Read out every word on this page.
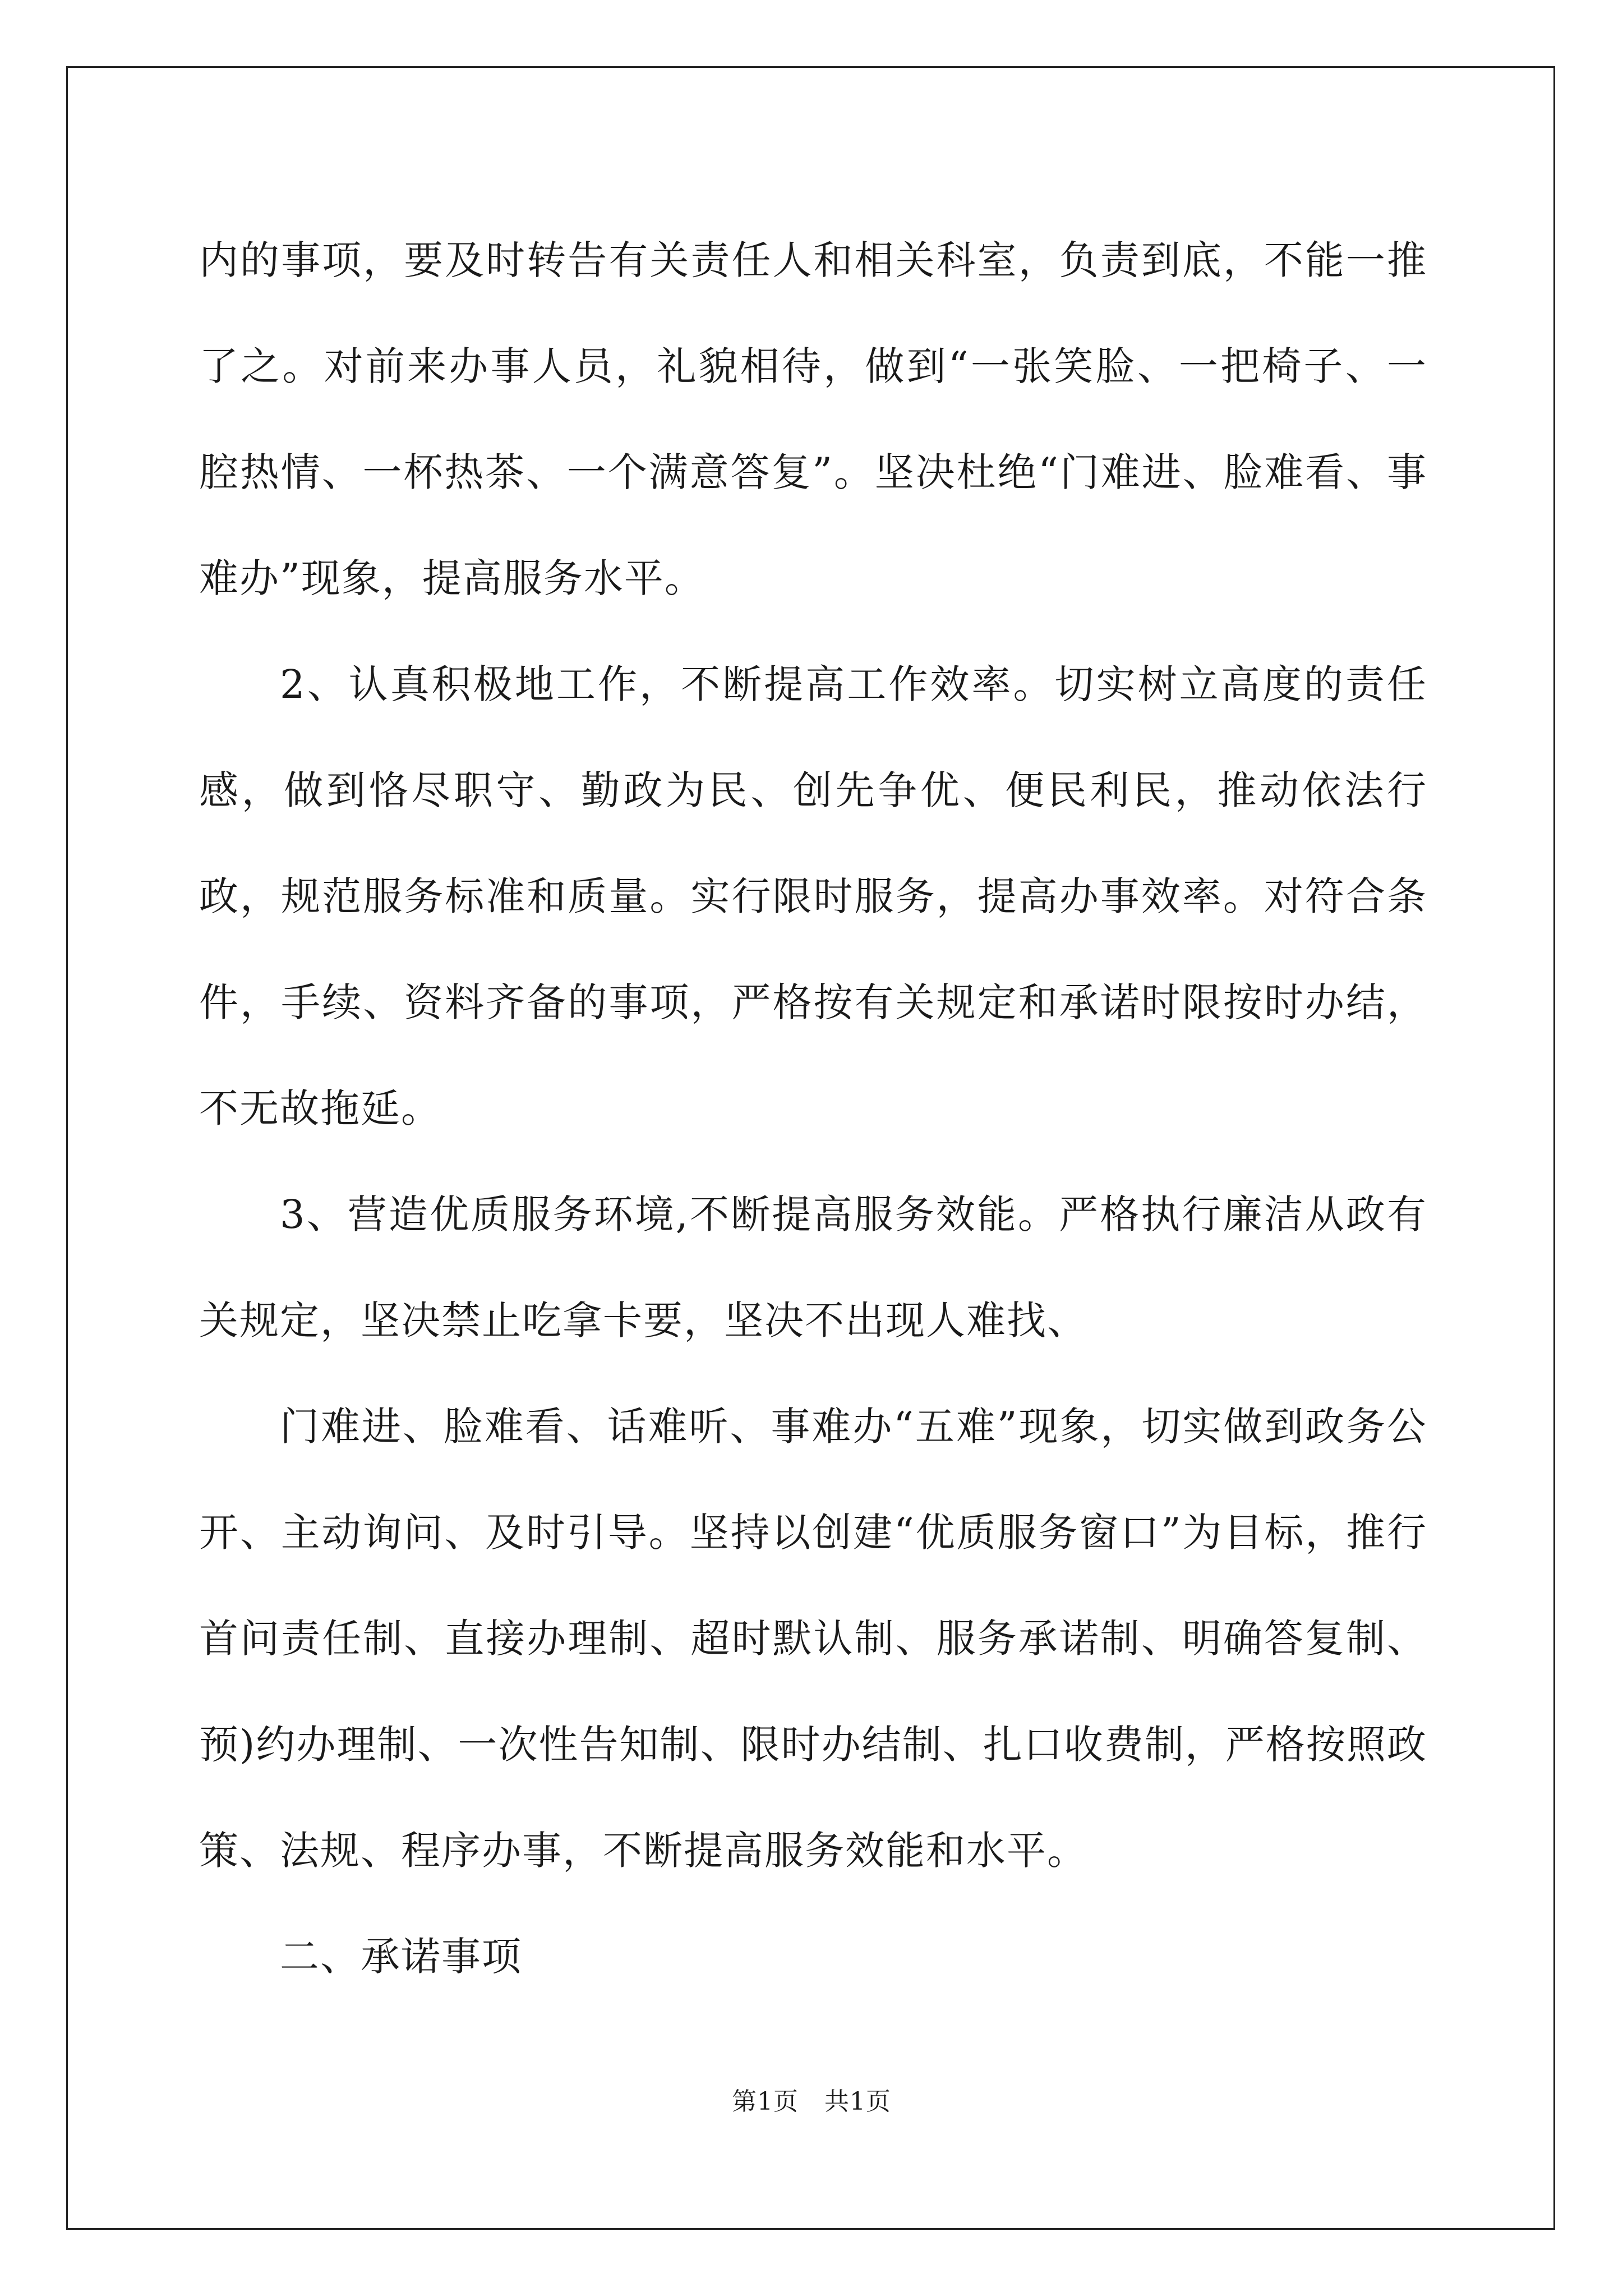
内的事项，要及时转告有关责任人和相关科室，负责到底，不能一推了之。对前来办事人员，礼貌相待，做到“一张笑脸、一把椅子、一腔热情、一杯热茶、一个满意答复”。坚决杜绝“门难进、脸难看、事难办”现象，提高服务水平。

2、认真积极地工作，不断提高工作效率。切实树立高度的责任感，做到恪尽职守、勤政为民、创先争优、便民利民，推动依法行政，规范服务标准和质量。实行限时服务，提高办事效率。对符合条件，手续、资料齐备的事项，严格按有关规定和承诺时限按时办结，不无故拖延。

3、营造优质服务环境,不断提高服务效能。严格执行廉洁从政有关规定，坚决禁止吃拿卡要，坚决不出现人难找、

门难进、脸难看、话难听、事难办“五难”现象，切实做到政务公开、主动询问、及时引导。坚持以创建“优质服务窗口”为目标，推行首问责任制、直接办理制、超时默认制、服务承诺制、明确答复制、预)约办理制、一次性告知制、限时办结制、扎口收费制，严格按照政策、法规、程序办事，不断提高服务效能和水平。

二、承诺事项

第1页 共1页
